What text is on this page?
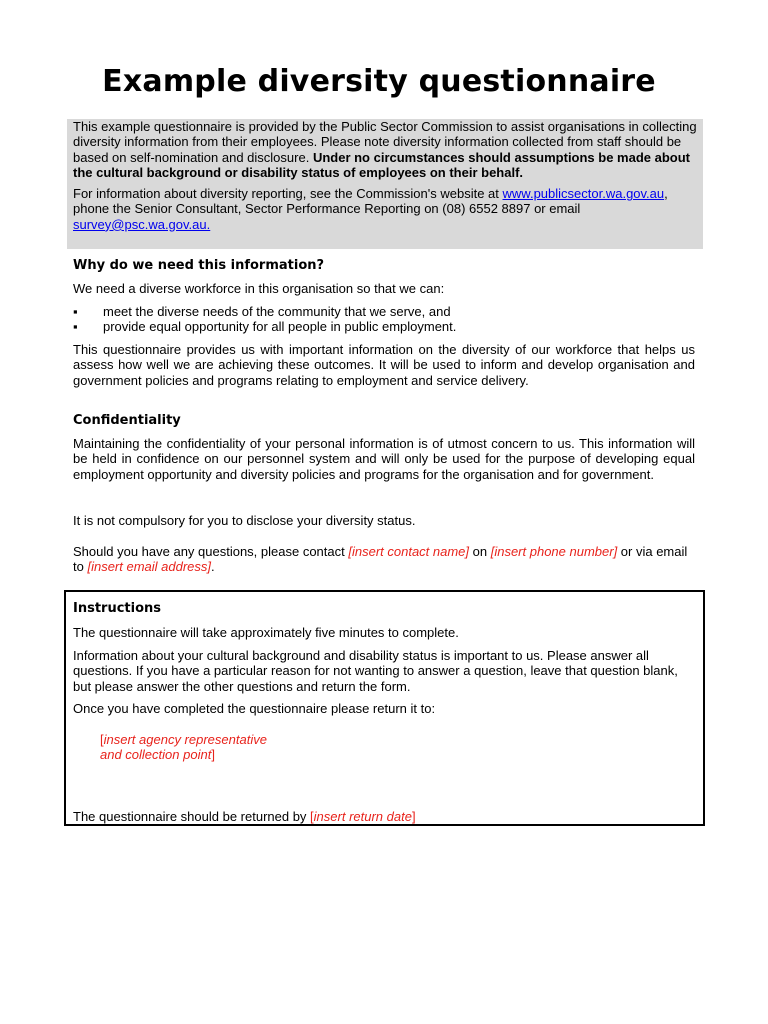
Example diversity questionnaire

This example questionnaire is provided by the Public Sector Commission to assist organisations in collecting diversity information from their employees. Please note diversity information collected from staff should be based on self-nomination and disclosure. Under no circumstances should assumptions be made about the cultural background or disability status of employees on their behalf.

For information about diversity reporting, see the Commission's website at www.publicsector.wa.gov.au, phone the Senior Consultant, Sector Performance Reporting on (08) 6552 8897 or email survey@psc.wa.gov.au.

Why do we need this information?

We need a diverse workforce in this organisation so that we can:

▪ meet the diverse needs of the community that we serve, and
▪ provide equal opportunity for all people in public employment.

This questionnaire provides us with important information on the diversity of our workforce that helps us assess how well we are achieving these outcomes. It will be used to inform and develop organisation and government policies and programs relating to employment and service delivery.

Confidentiality

Maintaining the confidentiality of your personal information is of utmost concern to us. This information will be held in confidence on our personnel system and will only be used for the purpose of developing equal employment opportunity and diversity policies and programs for the organisation and for government.

It is not compulsory for you to disclose your diversity status.

Should you have any questions, please contact [insert contact name] on [insert phone number] or via email to [insert email address].

Instructions

The questionnaire will take approximately five minutes to complete.

Information about your cultural background and disability status is important to us. Please answer all questions. If you have a particular reason for not wanting to answer a question, leave that question blank, but please answer the other questions and return the form.

Once you have completed the questionnaire please return it to:

[insert agency representative
and collection point]

The questionnaire should be returned by [insert return date]
